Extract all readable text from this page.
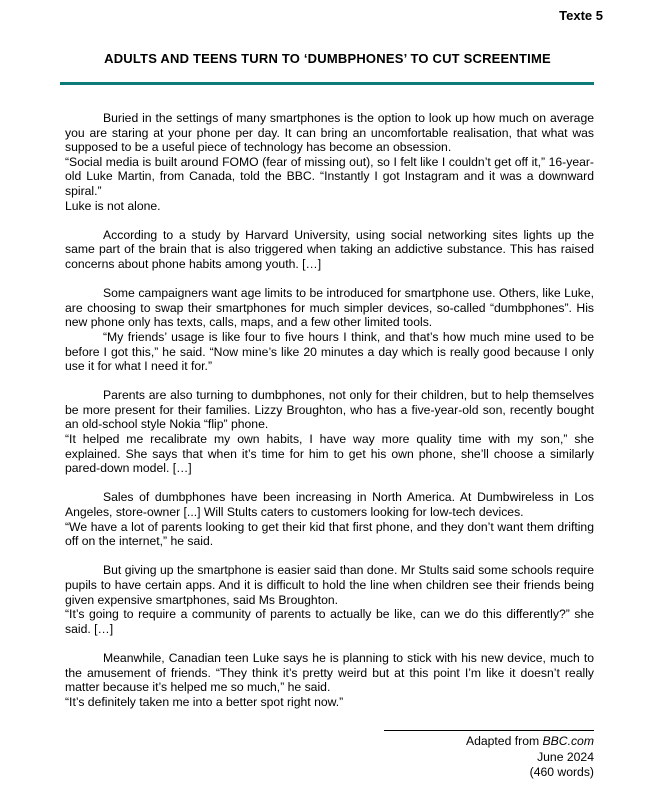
Texte 5
ADULTS AND TEENS TURN TO ‘DUMBPHONES’ TO CUT SCREENTIME
Buried in the settings of many smartphones is the option to look up how much on average you are staring at your phone per day. It can bring an uncomfortable realisation, that what was supposed to be a useful piece of technology has become an obsession.
“Social media is built around FOMO (fear of missing out), so I felt like I couldn’t get off it,” 16-year-old Luke Martin, from Canada, told the BBC. “Instantly I got Instagram and it was a downward spiral.”
Luke is not alone.
According to a study by Harvard University, using social networking sites lights up the same part of the brain that is also triggered when taking an addictive substance. This has raised concerns about phone habits among youth. […]
Some campaigners want age limits to be introduced for smartphone use. Others, like Luke, are choosing to swap their smartphones for much simpler devices, so-called “dumbphones”. His new phone only has texts, calls, maps, and a few other limited tools.
“My friends’ usage is like four to five hours I think, and that’s how much mine used to be before I got this,” he said. “Now mine’s like 20 minutes a day which is really good because I only use it for what I need it for.”
Parents are also turning to dumbphones, not only for their children, but to help themselves be more present for their families. Lizzy Broughton, who has a five-year-old son, recently bought an old-school style Nokia “flip” phone.
“It helped me recalibrate my own habits, I have way more quality time with my son,” she explained. She says that when it’s time for him to get his own phone, she’ll choose a similarly pared-down model. […]
Sales of dumbphones have been increasing in North America. At Dumbwireless in Los Angeles, store-owner [...] Will Stults caters to customers looking for low-tech devices.
“We have a lot of parents looking to get their kid that first phone, and they don’t want them drifting off on the internet,” he said.
But giving up the smartphone is easier said than done. Mr Stults said some schools require pupils to have certain apps. And it is difficult to hold the line when children see their friends being given expensive smartphones, said Ms Broughton.
“It’s going to require a community of parents to actually be like, can we do this differently?” she said. […]
Meanwhile, Canadian teen Luke says he is planning to stick with his new device, much to the amusement of friends. “They think it’s pretty weird but at this point I’m like it doesn’t really matter because it’s helped me so much,” he said.
“It’s definitely taken me into a better spot right now.”
Adapted from BBC.com
June 2024
(460 words)
